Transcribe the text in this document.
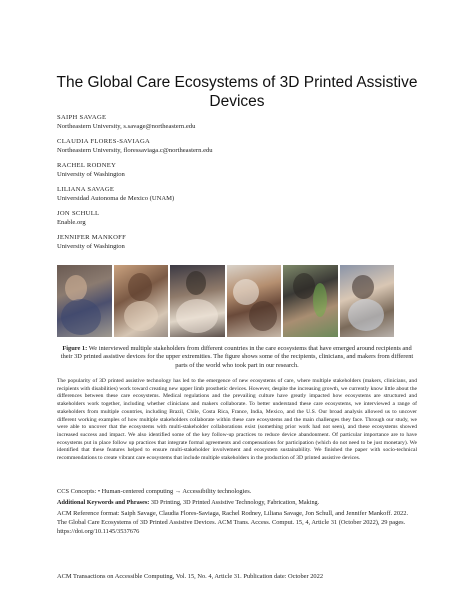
The Global Care Ecosystems of 3D Printed Assistive Devices
SAIPH SAVAGE
Northeastern University, s.savage@northeastern.edu
CLAUDIA FLORES-SAVIAGA
Northeastern University, floressaviaga.c@northeastern.edu
RACHEL RODNEY
University of Washington
LILIANA SAVAGE
Universidad Autonoma de Mexico (UNAM)
JON SCHULL
Enable.org
JENNIFER MANKOFF
University of Washington
Figure 1: We interviewed multiple stakeholders from different countries in the care ecosystems that have emerged around recipients and their 3D printed assistive devices for the upper extremities. The figure shows some of the recipients, clinicians, and makers from different parts of the world who took part in our research.
The popularity of 3D printed assistive technology has led to the emergence of new ecosystems of care, where multiple stakeholders (makers, clinicians, and recipients with disabilities) work toward creating new upper limb prosthetic devices. However, despite the increasing growth, we currently know little about the differences between these care ecosystems. Medical regulations and the prevailing culture have greatly impacted how ecosystems are structured and stakeholders work together, including whether clinicians and makers collaborate. To better understand these care ecosystems, we interviewed a range of stakeholders from multiple countries, including Brazil, Chile, Costa Rica, France, India, Mexico, and the U.S. Our broad analysis allowed us to uncover different working examples of how multiple stakeholders collaborate within these care ecosystems and the main challenges they face. Through our study, we were able to uncover that the ecosystems with multi-stakeholder collaborations exist (something prior work had not seen), and these ecosystems showed increased success and impact. We also identified some of the key follow-up practices to reduce device abandonment. Of particular importance are to have ecosystems put in place follow up practices that integrate formal agreements and compensations for participation (which do not need to be just monetary). We identified that these features helped to ensure multi-stakeholder involvement and ecosystem sustainability. We finished the paper with socio-technical recommendations to create vibrant care ecosystems that include multiple stakeholders in the production of 3D printed assistive devices.
CCS Concepts: • Human-centered computing → Accessibility technologies.
Additional Keywords and Phrases: 3D Printing, 3D Printed Assistive Technology, Fabrication, Making.
ACM Reference format: Saiph Savage, Claudia Flores-Saviaga, Rachel Rodney, Liliana Savage, Jon Schull, and Jennifer Mankoff. 2022. The Global Care Ecosystems of 3D Printed Assistive Devices. ACM Trans. Access. Comput. 15, 4, Article 31 (October 2022), 29 pages. https://doi.org/10.1145/3537676
ACM Transactions on Accessible Computing, Vol. 15, No. 4, Article 31. Publication date: October 2022
